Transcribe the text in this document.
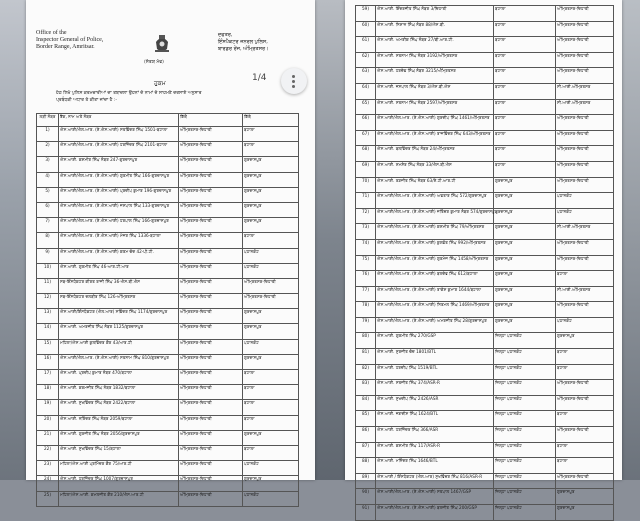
Office of the
Inspector General of Police,
Border Range, Amritsar.
ਦਫਤਰ,
ਇੰਸਪੈਕਟਰ ਜਨਰਲ ਪੁਲਿਸ,
ਬਾਰਡਰ ਰੇਂਜ, ਅੰਮ੍ਰਿਤਸਰ।
(ਸੱਤਯ ਮੇਵ)
1/4
ਹੁਕਮ
ਹੇਠ ਲਿਖੇ ਪੁਲਿਸ ਕਰਮਚਾਰੀਆਂ ਦਾ ਤਬਾਦਲਾ ਉਹਨਾਂ ਦੇ ਨਾਮਾਂ ਦੇ ਸਾਹਮਣੇ ਦਰਸਾਏ ਅਨੁਸਾਰ
ਪ੍ਰਬੰਧਕੀ ਅਧਾਰ ਤੇ ਕੀਤਾ ਜਾਂਦਾ ਹੈ :-
ਲੜੀ ਨੰਬਰ	ਰੈਂਕ, ਨਾਮ ਅਤੇ ਨੰਬਰ	ਕਿੱਥੋਂ	ਕਿੱਥੇ
1)	ਐਸ.ਆਈ/ਐਲ.ਆਰ. (ਏ.ਐਸ.ਆਈ) ਸਤਵਿੰਦਰ ਸਿੰਘ 1501-ਬਟਾਲਾ	ਅੰਮ੍ਰਿਤਸਰ-ਦਿਹਾਤੀ	ਬਟਾਲਾ
2)	ਐਸ.ਆਈ/ਐਲ.ਆਰ. (ਏ.ਐਸ.ਆਈ) ਹਰਜਿੰਦਰ ਸਿੰਘ 2101-ਬਟਾਲਾ	ਅੰਮ੍ਰਿਤਸਰ-ਦਿਹਾਤੀ	ਬਟਾਲਾ
3)	ਐਸ.ਆਈ. ਕਸ਼ਮੀਰ ਸਿੰਘ ਨੰਬਰ 247-ਗੁਰਦਾਸਪੁਰ	ਅੰਮ੍ਰਿਤਸਰ-ਦਿਹਾਤੀ	ਗੁਰਦਾਸਪੁਰ
4)	ਐਸ.ਆਈ/ਐਲ.ਆਰ. (ਏ.ਐਸ.ਆਈ) ਗੁਰਮੀਤ ਸਿੰਘ 166-ਗੁਰਦਾਸਪੁਰ	ਅੰਮ੍ਰਿਤਸਰ-ਦਿਹਾਤੀ	ਗੁਰਦਾਸਪੁਰ
5)	ਐਸ.ਆਈ/ਐਲ.ਆਰ. (ਏ.ਐਸ.ਆਈ) ਪ੍ਰਦੀਪ ਕੁਮਾਰ 196-ਗੁਰਦਾਸਪੁਰ	ਅੰਮ੍ਰਿਤਸਰ-ਦਿਹਾਤੀ	ਗੁਰਦਾਸਪੁਰ
6)	ਐਸ.ਆਈ/ਐਲ.ਆਰ. (ਏ.ਐਸ.ਆਈ) ਜਸਪਾਲ ਸਿੰਘ 133-ਗੁਰਦਾਸਪੁਰ	ਅੰਮ੍ਰਿਤਸਰ-ਦਿਹਾਤੀ	ਗੁਰਦਾਸਪੁਰ
7)	ਐਸ.ਆਈ/ਐਲ.ਆਰ. (ਏ.ਐਸ.ਆਈ) ਹਰਪਾਲ ਸਿੰਘ 166-ਗੁਰਦਾਸਪੁਰ	ਅੰਮ੍ਰਿਤਸਰ-ਦਿਹਾਤੀ	ਗੁਰਦਾਸਪੁਰ
8)	ਐਸ.ਆਈ/ਐਲ.ਆਰ. (ਏ.ਐਸ.ਆਈ) ਮੇਜਰ ਸਿੰਘ 1336-ਬਟਾਲਾ	ਅੰਮ੍ਰਿਤਸਰ-ਦਿਹਾਤੀ	ਬਟਾਲਾ
9)	ਐਸ.ਆਈ/ਐਲ.ਆਰ. (ਏ.ਐਸ.ਆਈ) ਕਰਮ ਚੰਦ 42-ਪੀ.ਟੀ.	ਅੰਮ੍ਰਿਤਸਰ-ਦਿਹਾਤੀ	ਪਠਾਨਕੋਟ
10)	ਐਸ.ਆਈ. ਗੁਰਮੀਤ ਸਿੰਘ 46-ਆਰ.ਟੀ.ਆਰ	ਅੰਮ੍ਰਿਤਸਰ-ਦਿਹਾਤੀ	ਪਠਾਨਕੋਟ
11)	ਸਬ-ਇੰਸਪੈਕਟਰ ਕੀਰਤ ਰਾਜੀ ਸਿੰਘ 36-ਐਸ.ਬੀ.ਐਸ	ਅੰਮ੍ਰਿਤਸਰ-ਦਿਹਾਤੀ	ਅੰਮ੍ਰਿਤਸਰ-ਦਿਹਾਤੀ
12)	ਸਬ-ਇੰਸਪੈਕਟਰ ਦਲਬੀਰ ਸਿੰਘ 126-ਅੰਮ੍ਰਿਤਸਰ	ਅੰਮ੍ਰਿਤਸਰ-ਦਿਹਾਤੀ	ਅੰਮ੍ਰਿਤਸਰ-ਦਿਹਾਤੀ
13)	ਐਸ.ਆਈ/ਇੰਸਪੈਕਟਰ (ਐਲ.ਆਰ) ਸਵਿੰਦਰ ਸਿੰਘ 1174/ਗੁਰਦਾਸਪੁਰ	ਅੰਮ੍ਰਿਤਸਰ-ਦਿਹਾਤੀ	ਗੁਰਦਾਸਪੁਰ
14)	ਐਸ.ਆਈ. ਅਮਰਜੀਤ ਸਿੰਘ ਨੰਬਰ 1125/ਗੁਰਦਾਸਪੁਰ	ਅੰਮ੍ਰਿਤਸਰ-ਦਿਹਾਤੀ	ਗੁਰਦਾਸਪੁਰ
15)	ਮਹਿਲਾ/ਐਸ.ਆਈ ਕੁਲਵਿੰਦਰ ਕੌਰ 43/ਆਰ.ਟੀ	ਅੰਮ੍ਰਿਤਸਰ-ਦਿਹਾਤੀ	ਪਠਾਨਕੋਟ
16)	ਐਸ.ਆਈ/ਐਲ.ਆਰ. (ਏ.ਐਸ.ਆਈ) ਸਤਨਾਮ ਸਿੰਘ 810/ਗੁਰਦਾਸਪੁਰ	ਅੰਮ੍ਰਿਤਸਰ-ਦਿਹਾਤੀ	ਗੁਰਦਾਸਪੁਰ
17)	ਐਸ.ਆਈ. ਪ੍ਰਦੀਪ ਕੁਮਾਰ ਨੰਬਰ 470/ਬਟਾਲਾ	ਅੰਮ੍ਰਿਤਸਰ-ਦਿਹਾਤੀ	ਬਟਾਲਾ
18)	ਐਸ.ਆਈ. ਕਰਮਜੀਤ ਸਿੰਘ ਨੰਬਰ 1832/ਬਟਾਲਾ	ਅੰਮ੍ਰਿਤਸਰ-ਦਿਹਾਤੀ	ਬਟਾਲਾ
19)	ਐਸ.ਆਈ. ਸੁਖਵਿੰਦਰ ਸਿੰਘ ਨੰਬਰ 2422/ਬਟਾਲਾ	ਅੰਮ੍ਰਿਤਸਰ-ਦਿਹਾਤੀ	ਬਟਾਲਾ
20)	ਐਸ.ਆਈ. ਨਰਿੰਦਰ ਸਿੰਘ ਨੰਬਰ 2059/ਬਟਾਲਾ	ਅੰਮ੍ਰਿਤਸਰ-ਦਿਹਾਤੀ	ਬਟਾਲਾ
21)	ਐਸ.ਆਈ. ਗੁਰਜੀਤ ਸਿੰਘ ਨੰਬਰ 2056/ਗੁਰਦਾਸਪੁਰ	ਅੰਮ੍ਰਿਤਸਰ-ਦਿਹਾਤੀ	ਗੁਰਦਾਸਪੁਰ
22)	ਐਸ.ਆਈ. ਸੁਖਵਿੰਦਰ ਸਿੰਘ 15/ਬਟਾਲਾ	ਅੰਮ੍ਰਿਤਸਰ-ਦਿਹਾਤੀ	ਬਟਾਲਾ
23)	ਮਹਿਲਾ/ਐਸ.ਆਈ ਪ੍ਰਮਿੰਦਰ ਕੌਰ 75/ਆਰ.ਟੀ	ਅੰਮ੍ਰਿਤਸਰ-ਦਿਹਾਤੀ	ਪਠਾਨਕੋਟ
24)	ਐਸ.ਆਈ. ਹਰਜਿੰਦਰ ਸਿੰਘ 1007/ਗੁਰਦਾਸਪੁਰ	ਅੰਮ੍ਰਿਤਸਰ-ਦਿਹਾਤੀ	ਗੁਰਦਾਸਪੁਰ
25)	ਮਹਿਲਾ/ਐਸ.ਆਈ. ਕਮਲਜੀਤ ਕੌਰ 210/ਐਸ.ਆਰ.ਟੀ	ਅੰਮ੍ਰਿਤਸਰ-ਦਿਹਾਤੀ	ਪਠਾਨਕੋਟ
59)	ਐਸ.ਆਈ. ਇੰਦਰਜੀਤ ਸਿੰਘ ਨੰਬਰ 3/ਦਿਹਾਤੀ	ਬਟਾਲਾ	ਅੰਮ੍ਰਿਤਸਰ-ਦਿਹਾਤੀ
60)	ਐਸ.ਆਈ. ਨਿਸ਼ਾਨ ਸਿੰਘ ਨੰਬਰ 88/ਐਸ.ਬੀ.	ਬਟਾਲਾ	ਅੰਮ੍ਰਿਤਸਰ-ਦਿਹਾਤੀ
61)	ਐਸ.ਆਈ. ਅਮਰੀਕ ਸਿੰਘ ਨੰਬਰ 27/ਬੀ.ਆਰ.ਟੀ.	ਬਟਾਲਾ	ਅੰਮ੍ਰਿਤਸਰ-ਦਿਹਾਤੀ
62)	ਐਸ.ਆਈ. ਸਤਨਾਮ ਸਿੰਘ ਨੰਬਰ 3192/ਅੰਮ੍ਰਿਤਸਰ	ਬਟਾਲਾ	ਅੰਮ੍ਰਿਤਸਰ-ਦਿਹਾਤੀ
63)	ਐਸ.ਆਈ. ਹਰਦੇਵ ਸਿੰਘ ਨੰਬਰ 3215/ਅੰਮ੍ਰਿਤਸਰ	ਬਟਾਲਾ	ਅੰਮ੍ਰਿਤਸਰ-ਦਿਹਾਤੀ
64)	ਐਸ.ਆਈ. ਜਸਪਾਲ ਸਿੰਘ ਨੰਬਰ 3/ਐਸ.ਬੀ.ਐਸ	ਬਟਾਲਾ	ਸੀ.ਆਈ.ਅੰਮ੍ਰਿਤਸਰ
65)	ਐਸ.ਆਈ. ਸਤਨਾਮ ਸਿੰਘ ਨੰਬਰ 2597/ਅੰਮ੍ਰਿਤਸਰ	ਬਟਾਲਾ	ਸੀ.ਆਈ.ਅੰਮ੍ਰਿਤਸਰ
66)	ਐਸ.ਆਈ/ਐਲ.ਆਰ. (ਏ.ਐਸ.ਆਈ) ਗੁਰਦੀਪ ਸਿੰਘ 1461/ਅੰਮ੍ਰਿਤਸਰ	ਬਟਾਲਾ	ਅੰਮ੍ਰਿਤਸਰ-ਦਿਹਾਤੀ
67)	ਐਸ.ਆਈ/ਐਲ.ਆਰ. (ਏ.ਐਸ.ਆਈ) ਰਾਜਵਿੰਦਰ ਸਿੰਘ 643/ਅੰਮ੍ਰਿਤਸਰ	ਬਟਾਲਾ	ਅੰਮ੍ਰਿਤਸਰ-ਦਿਹਾਤੀ
68)	ਐਸ.ਆਈ. ਬਲਵਿੰਦਰ ਸਿੰਘ ਨੰਬਰ 24/ਅੰਮ੍ਰਿਤਸਰ	ਬਟਾਲਾ	ਅੰਮ੍ਰਿਤਸਰ-ਦਿਹਾਤੀ
69)	ਐਸ.ਆਈ. ਸ਼ਮਸ਼ੇਰ ਸਿੰਘ ਨੰਬਰ 33/ਐਸ.ਬੀ.ਐਸ	ਬਟਾਲਾ	ਅੰਮ੍ਰਿਤਸਰ-ਦਿਹਾਤੀ
70)	ਐਸ.ਆਈ. ਰਣਜੀਤ ਸਿੰਘ ਨੰਬਰ 63/ਏ.ਟੀ.ਆਰ.ਟੀ	ਗੁਰਦਾਸਪੁਰ	ਅੰਮ੍ਰਿਤਸਰ-ਦਿਹਾਤੀ
71)	ਐਸ.ਆਈ/ਐਲ.ਆਰ. (ਏ.ਐਸ.ਆਈ) ਅਵਤਾਰ ਸਿੰਘ 572/ਗੁਰਦਾਸਪੁਰ	ਗੁਰਦਾਸਪੁਰ	ਪਠਾਨਕੋਟ
72)	ਐਸ.ਆਈ/ਐਲ.ਆਰ. (ਏ.ਐਸ.ਆਈ) ਜਤਿੰਦਰ ਕੁਮਾਰ ਨੰਬਰ 574/ਗੁਰਦਾਸਪੁਰ	ਗੁਰਦਾਸਪੁਰ	ਪਠਾਨਕੋਟ
73)	ਐਸ.ਆਈ/ਐਲ.ਆਰ. (ਏ.ਐਸ.ਆਈ) ਕਸ਼ਮੀਰ ਸਿੰਘ 79/ਅੰਮ੍ਰਿਤਸਰ	ਗੁਰਦਾਸਪੁਰ	ਸੀ.ਆਈ.ਅੰਮ੍ਰਿਤਸਰ
74)	ਐਸ.ਆਈ/ਐਲ.ਆਰ. (ਏ.ਐਸ.ਆਈ) ਕੁਲਵੰਤ ਸਿੰਘ 992/ਅੰਮ੍ਰਿਤਸਰ	ਗੁਰਦਾਸਪੁਰ	ਅੰਮ੍ਰਿਤਸਰ-ਦਿਹਾਤੀ
75)	ਐਸ.ਆਈ/ਐਲ.ਆਰ. (ਏ.ਐਸ.ਆਈ) ਗੁਰਮੇਜ ਸਿੰਘ 1458/ਅੰਮ੍ਰਿਤਸਰ	ਗੁਰਦਾਸਪੁਰ	ਅੰਮ੍ਰਿਤਸਰ-ਦਿਹਾਤੀ
76)	ਐਸ.ਆਈ/ਐਲ.ਆਰ. (ਏ.ਐਸ.ਆਈ) ਬਲਦੇਵ ਸਿੰਘ 612/ਬਟਾਲਾ	ਗੁਰਦਾਸਪੁਰ	ਬਟਾਲਾ
77)	ਐਸ.ਆਈ/ਐਲ.ਆਰ. (ਏ.ਐਸ.ਆਈ) ਰਾਕੇਸ਼ ਕੁਮਾਰ 1644/ਬਟਾਲਾ	ਗੁਰਦਾਸਪੁਰ	ਸੀ.ਆਈ.ਅੰਮ੍ਰਿਤਸਰ
78)	ਐਸ.ਆਈ/ਐਲ.ਆਰ. (ਏ.ਐਸ.ਆਈ) ਨਿਰਮਲ ਸਿੰਘ 1469/ਅੰਮ੍ਰਿਤਸਰ	ਗੁਰਦਾਸਪੁਰ	ਅੰਮ੍ਰਿਤਸਰ-ਦਿਹਾਤੀ
79)	ਐਸ.ਆਈ/ਐਲ.ਆਰ. (ਏ.ਐਸ.ਆਈ) ਅਮਰਜੀਤ ਸਿੰਘ 28/ਗੁਰਦਾਸਪੁਰ	ਗੁਰਦਾਸਪੁਰ	ਪਠਾਨਕੋਟ
80)	ਐਸ.ਆਈ. ਗੁਰਮੀਤ ਸਿੰਘ 270/GSP	ਜ਼ਿਲ੍ਹਾ ਪਠਾਨਕੋਟ	ਗੁਰਦਾਸਪੁਰ
81)	ਐਸ.ਆਈ. ਸੁਰਜੀਤ ਚੰਦ 1801/BTL	ਜ਼ਿਲ੍ਹਾ ਪਠਾਨਕੋਟ	ਬਟਾਲਾ
82)	ਐਸ.ਆਈ. ਹਰਦੀਪ ਸਿੰਘ 1519/BTL	ਜ਼ਿਲ੍ਹਾ ਪਠਾਨਕੋਟ	ਬਟਾਲਾ
83)	ਐਸ.ਆਈ. ਸਤਜੀਤ ਸਿੰਘ 374/ASR-R	ਜ਼ਿਲ੍ਹਾ ਪਠਾਨਕੋਟ	ਅੰਮ੍ਰਿਤਸਰ-ਦਿਹਾਤੀ
84)	ਐਸ.ਆਈ. ਸੁਖਦੀਪ ਸਿੰਘ 2426/ASR	ਜ਼ਿਲ੍ਹਾ ਪਠਾਨਕੋਟ	ਅੰਮ੍ਰਿਤਸਰ-ਦਿਹਾਤੀ
85)	ਐਸ.ਆਈ. ਜਗਦੀਸ਼ ਸਿੰਘ 1624/BTL	ਜ਼ਿਲ੍ਹਾ ਪਠਾਨਕੋਟ	ਬਟਾਲਾ
86)	ਐਸ.ਆਈ. ਹਰਜਿੰਦਰ ਸਿੰਘ 366/ASR	ਜ਼ਿਲ੍ਹਾ ਪਠਾਨਕੋਟ	ਅੰਮ੍ਰਿਤਸਰ-ਦਿਹਾਤੀ
87)	ਐਸ.ਆਈ. ਕਸ਼ਮੀਰ ਸਿੰਘ 117/ASR-R	ਜ਼ਿਲ੍ਹਾ ਪਠਾਨਕੋਟ	ਬਟਾਲਾ
88)	ਐਸ.ਆਈ. ਮਨਿੰਦਰ ਸਿੰਘ 1646/BTL	ਜ਼ਿਲ੍ਹਾ ਪਠਾਨਕੋਟ	ਬਟਾਲਾ
89)	ਐਸ.ਆਈ / ਇੰਸਪੈਕਟਰ (ਐਲ.ਆਰ) ਸੁਖਵਿੰਦਰ ਸਿੰਘ 816/ASR-R	ਜ਼ਿਲ੍ਹਾ ਪਠਾਨਕੋਟ	ਅੰਮ੍ਰਿਤਸਰ-ਦਿਹਾਤੀ
90)	ਐਸ.ਆਈ/ਐਲ.ਆਰ. (ਏ.ਐਸ.ਆਈ) ਸਤਪਾਲ 1467/GSP	ਜ਼ਿਲ੍ਹਾ ਪਠਾਨਕੋਟ	ਗੁਰਦਾਸਪੁਰ
91)	ਐਸ.ਆਈ/ਐਲ.ਆਰ. (ਏ.ਐਸ.ਆਈ) ਬਲਜੀਤ ਸਿੰਘ 200/GSP	ਜ਼ਿਲ੍ਹਾ ਪਠਾਨਕੋਟ	ਗੁਰਦਾਸਪੁਰ
